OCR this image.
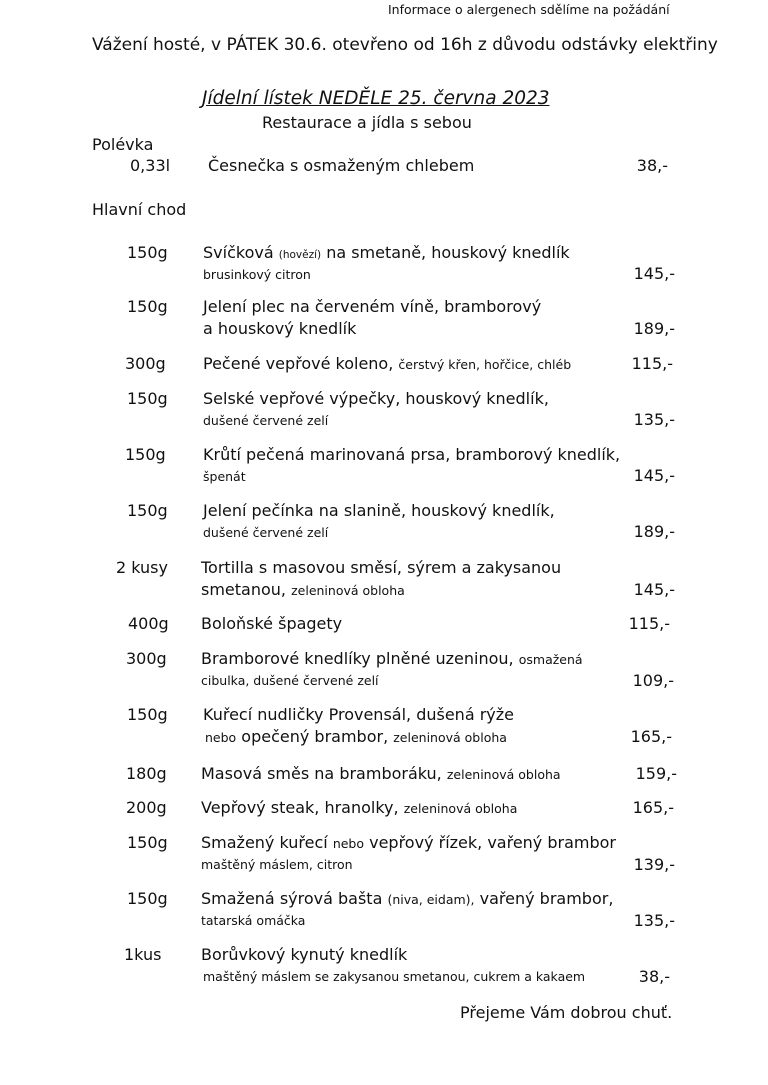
Informace o alergenech sdělíme na požádání
Vážení hosté, v PÁTEK 30.6. otevřeno od 16h z důvodu odstávky elektřiny
Jídelní lístek NEDĚLE 25. června 2023
Restaurace a jídla s sebou
Polévka
0,33l Česnečka s osmaženým chlebem	38,-
Hlavní chod
150g Svíčková (hovězí) na smetaně, houskový knedlík
brusinkový citron	145,-
150g Jelení plec na červeném víně, bramborový
a houskový knedlík	189,-
300g Pečené vepřové koleno, čerstvý křen, hořčice, chléb	115,-
150g Selské vepřové výpečky, houskový knedlík,
dušené červené zelí	135,-
150g Krůtí pečená marinovaná prsa, bramborový knedlík,
špenát	145,-
150g Jelení pečínka na slanině, houskový knedlík,
dušené červené zelí	189,-
2 kusy Tortilla s masovou směsí, sýrem a zakysanou
smetanou, zeleninová obloha	145,-
400g Boloňské špagety	115,-
300g Bramborové knedlíky plněné uzeninou, osmažená
cibulka, dušené červené zelí	109,-
150g Kuřecí nudličky Provensál, dušená rýže
nebo opečený brambor, zeleninová obloha	165,-
180g Masová směs na bramboráku, zeleninová obloha	159,-
200g Vepřový steak, hranolky, zeleninová obloha	165,-
150g Smažený kuřecí nebo vepřový řízek, vařený brambor
maštěný máslem, citron	139,-
150g Smažená sýrová bašta (niva, eidam), vařený brambor,
tatarská omáčka	135,-
1kus Borůvkový kynutý knedlík
maštěný máslem se zakysanou smetanou, cukrem a kakaem	38,-
Přejeme Vám dobrou chuť.
